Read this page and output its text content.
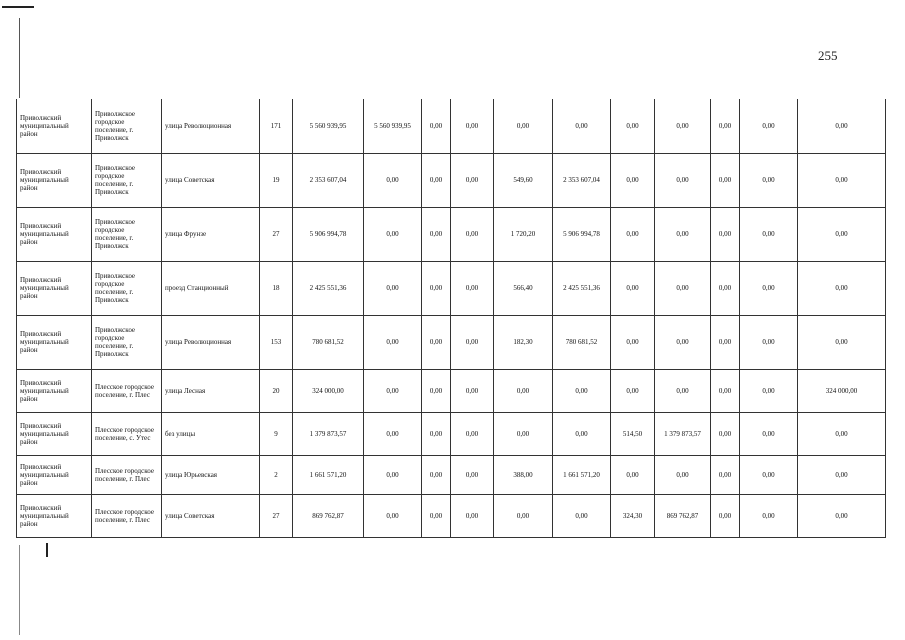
255
Приволжский муниципальный район	Приволжское городское поселение, г. Приволжск	улица Революционная	171	5 560 939,95	5 560 939,95	0,00	0,00	0,00	0,00	0,00	0,00	0,00	0,00	0,00
Приволжский муниципальный район	Приволжское городское поселение, г. Приволжск	улица Советская	19	2 353 607,04	0,00	0,00	0,00	549,60	2 353 607,04	0,00	0,00	0,00	0,00	0,00
Приволжский муниципальный район	Приволжское городское поселение, г. Приволжск	улица Фрунзе	27	5 906 994,78	0,00	0,00	0,00	1 720,20	5 906 994,78	0,00	0,00	0,00	0,00	0,00
Приволжский муниципальный район	Приволжское городское поселение, г. Приволжск	проезд Станционный	18	2 425 551,36	0,00	0,00	0,00	566,40	2 425 551,36	0,00	0,00	0,00	0,00	0,00
Приволжский муниципальный район	Приволжское городское поселение, г. Приволжск	улица Революционная	153	780 681,52	0,00	0,00	0,00	182,30	780 681,52	0,00	0,00	0,00	0,00	0,00
Приволжский муниципальный район	Плесское городское поселение, г. Плес	улица Лесная	20	324 000,00	0,00	0,00	0,00	0,00	0,00	0,00	0,00	0,00	0,00	324 000,00
Приволжский муниципальный район	Плесское городское поселение, с. Утес	без улицы	9	1 379 873,57	0,00	0,00	0,00	0,00	0,00	514,50	1 379 873,57	0,00	0,00	0,00
Приволжский муниципальный район	Плесское городское поселение, г. Плес	улица Юрьевская	2	1 661 571,20	0,00	0,00	0,00	388,00	1 661 571,20	0,00	0,00	0,00	0,00	0,00
Приволжский муниципальный район	Плесское городское поселение, г. Плес	улица Советская	27	869 762,87	0,00	0,00	0,00	0,00	0,00	324,30	869 762,87	0,00	0,00	0,00
